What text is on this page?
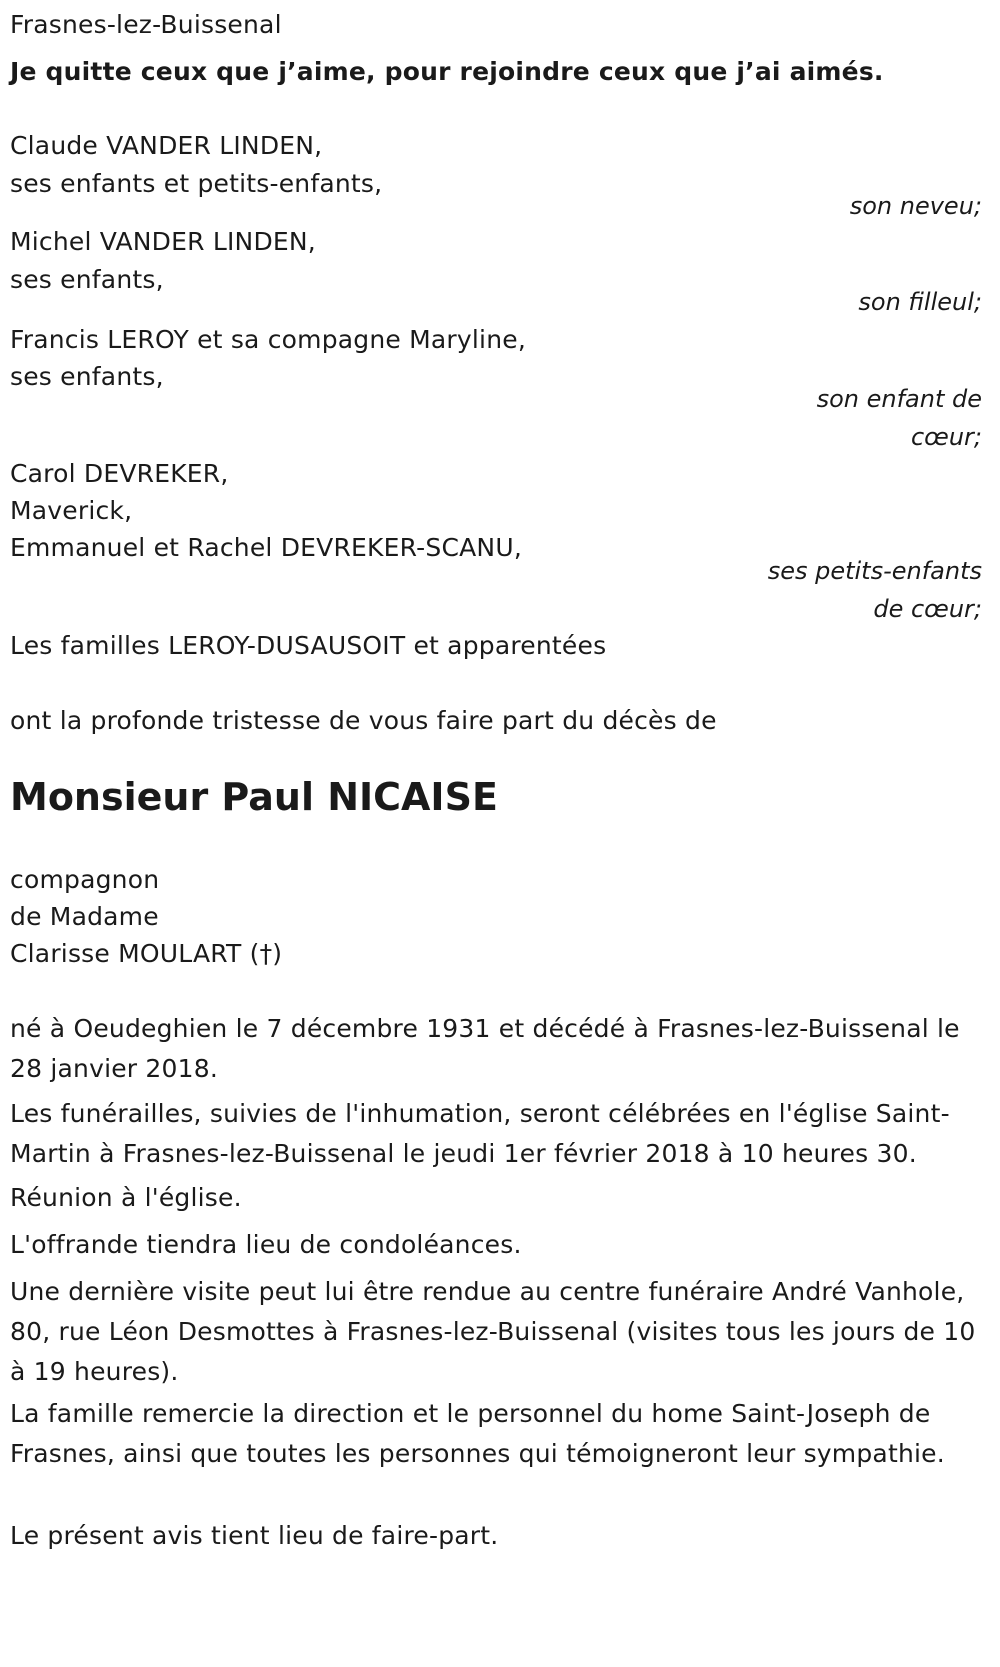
Frasnes-lez-Buissenal
Je quitte ceux que j’aime, pour rejoindre ceux que j’ai aimés.
Claude VANDER LINDEN,
ses enfants et petits-enfants,
son neveu;
Michel VANDER LINDEN,
ses enfants,
son filleul;
Francis LEROY et sa compagne Maryline,
ses enfants,
son enfant de
cœur;
Carol DEVREKER,
Maverick,
Emmanuel et Rachel DEVREKER-SCANU,
ses petits-enfants
de cœur;
Les familles LEROY-DUSAUSOIT et apparentées
ont la profonde tristesse de vous faire part du décès de
Monsieur Paul NICAISE
compagnon
de Madame
Clarisse MOULART (†)
né à Oeudeghien le 7 décembre 1931 et décédé à Frasnes-lez-Buissenal le 28 janvier 2018.
Les funérailles, suivies de l'inhumation, seront célébrées en l'église Saint-Martin à Frasnes-lez-Buissenal le jeudi 1er février 2018 à 10 heures 30.
Réunion à l'église.
L'offrande tiendra lieu de condoléances.
Une dernière visite peut lui être rendue au centre funéraire André Vanhole, 80, rue Léon Desmottes à Frasnes-lez-Buissenal (visites tous les jours de 10 à 19 heures).
La famille remercie la direction et le personnel du home Saint-Joseph de Frasnes, ainsi que toutes les personnes qui témoigneront leur sympathie.
Le présent avis tient lieu de faire-part.
